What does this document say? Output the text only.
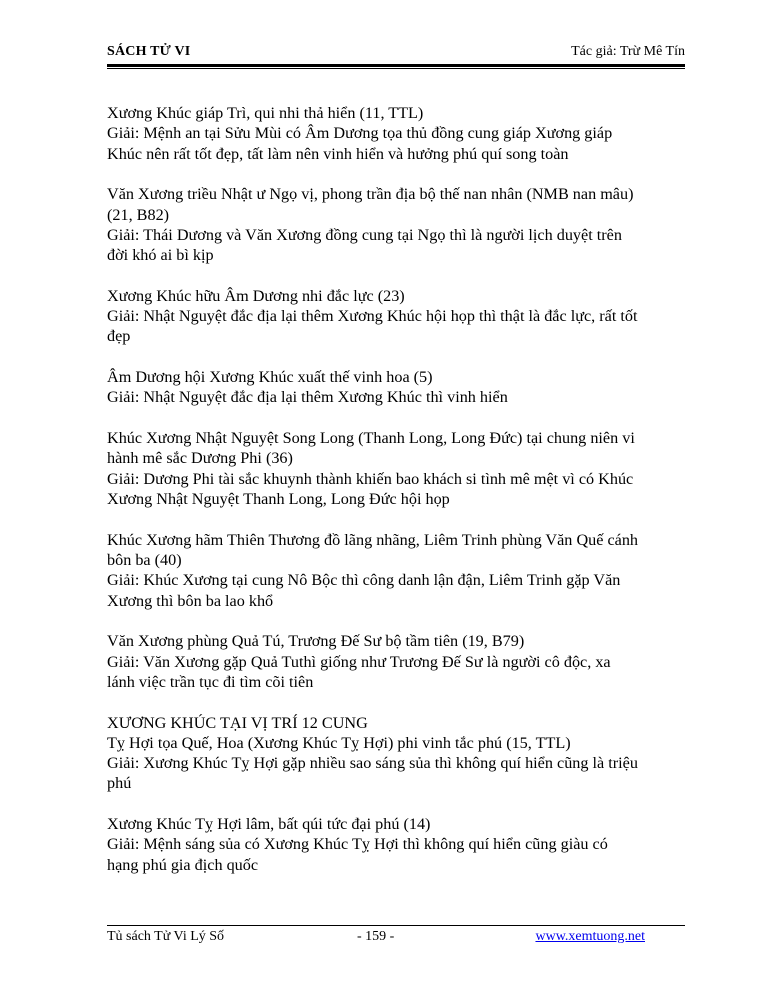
SÁCH TỬ VI	Tác giả: Trừ Mê Tín

Xương Khúc giáp Trì, qui nhi thả hiển (11, TTL)

Giải: Mệnh an tại Sửu Mùi có Âm Dương tọa thủ đồng cung giáp Xương giáp

Khúc nên rất tốt đẹp, tất làm nên vinh hiển và hưởng phú quí song toàn

Văn Xương triều Nhật ư Ngọ vị, phong trần địa bộ thế nan nhân (NMB nan mâu)

(21, B82)

Giải: Thái Dương và Văn Xương đồng cung tại Ngọ thì là người lịch duyệt trên

đời khó ai bì kịp

Xương Khúc hữu Âm Dương nhi đắc lực (23)

Giải: Nhật Nguyệt đắc địa lại thêm Xương Khúc hội họp thì thật là đắc lực, rất tốt

đẹp

Âm Dương hội Xương Khúc xuất thế vinh hoa (5)

Giải: Nhật Nguyệt đắc địa lại thêm Xương Khúc thì vinh hiển

Khúc Xương Nhật Nguyệt Song Long (Thanh Long, Long Đức) tại chung niên vi

hành mê sắc Dương Phi (36)

Giải: Dương Phi tài sắc khuynh thành khiến bao khách si tình mê mệt vì có Khúc

Xương Nhật Nguyệt Thanh Long, Long Đức hội họp

Khúc Xương hãm Thiên Thương đồ lãng nhãng, Liêm Trinh phùng Văn Quế cánh

bôn ba (40)

Giải: Khúc Xương tại cung Nô Bộc thì công danh lận đận, Liêm Trinh gặp Văn

Xương thì bôn ba lao khổ

Văn Xương phùng Quả Tú, Trương Đế Sư bộ tầm tiên (19, B79)

Giải: Văn Xương gặp Quả Tuthì giống như Trương Đế Sư là người cô độc, xa

lánh việc trần tục đi tìm cõi tiên

XƯƠNG KHÚC TẠI VỊ TRÍ 12 CUNG

Tỵ Hợi tọa Quế, Hoa (Xương Khúc Tỵ Hợi) phi vinh tắc phú (15, TTL)

Giải: Xương Khúc Tỵ Hợi gặp nhiều sao sáng sủa thì không quí hiển cũng là triệu

phú

Xương Khúc Tỵ Hợi lâm, bất qúi tức đại phú (14)

Giải: Mệnh sáng sủa có Xương Khúc Tỵ Hợi thì không quí hiển cũng giàu có

hạng phú gia địch quốc

Tủ sách Tử Vi Lý Số	- 159 -	www.xemtuong.net
